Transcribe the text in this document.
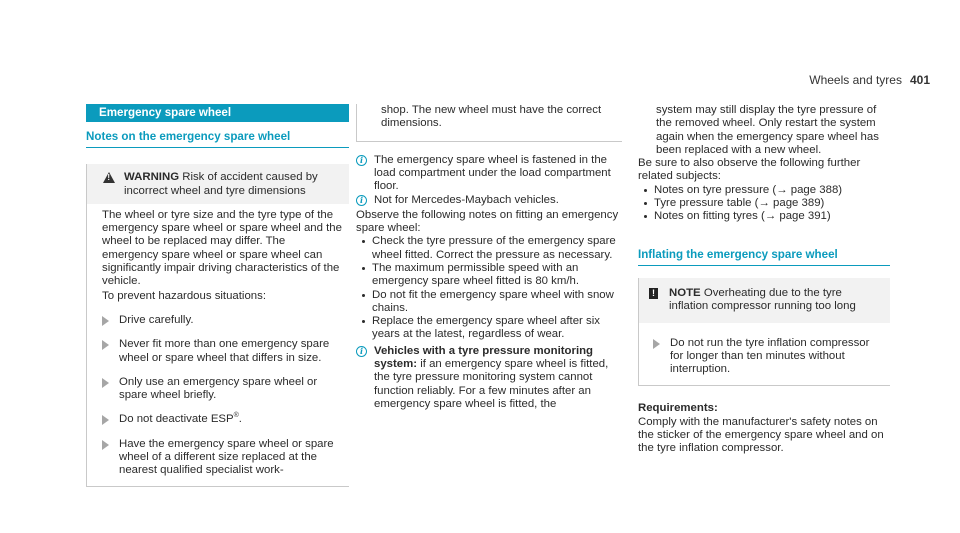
Wheels and tyres 401
Emergency spare wheel
Notes on the emergency spare wheel
!
WARNING Risk of accident caused by incorrect wheel and tyre dimensions

The wheel or tyre size and the tyre type of the emergency spare wheel or spare wheel and the wheel to be replaced may differ. The emergency spare wheel or spare wheel can significantly impair driving characteristics of the vehicle.

To prevent hazardous situations:

Drive carefully.
Never fit more than one emergency spare wheel or spare wheel that differs in size.
Only use an emergency spare wheel or spare wheel briefly.
Do not deactivate ESP®.
Have the emergency spare wheel or spare wheel of a different size replaced at the nearest qualified specialist work-

shop. The new wheel must have the correct dimensions.

i The emergency spare wheel is fastened in the load compartment under the load compartment floor.

i Not for Mercedes-Maybach vehicles.

Observe the following notes on fitting an emergency spare wheel:

Check the tyre pressure of the emergency spare wheel fitted. Correct the pressure as necessary.
The maximum permissible speed with an emergency spare wheel fitted is 80 km/h.
Do not fit the emergency spare wheel with snow chains.
Replace the emergency spare wheel after six years at the latest, regardless of wear.
i Vehicles with a tyre pressure monitoring system: if an emergency spare wheel is fitted, the tyre pressure monitoring system cannot function reliably. For a few minutes after an emergency spare wheel is fitted, the

system may still display the tyre pressure of the removed wheel. Only restart the system again when the emergency spare wheel has been replaced with a new wheel.

Be sure to also observe the following further related subjects:

Notes on tyre pressure (→ page 388)
Tyre pressure table (→ page 389)
Notes on fitting tyres (→ page 391)
Inflating the emergency spare wheel
! NOTE Overheating due to the tyre inflation compressor running too long
Do not run the tyre inflation compressor for longer than ten minutes without interruption.

Requirements:

Comply with the manufacturer's safety notes on the sticker of the emergency spare wheel and on the tyre inflation compressor.
